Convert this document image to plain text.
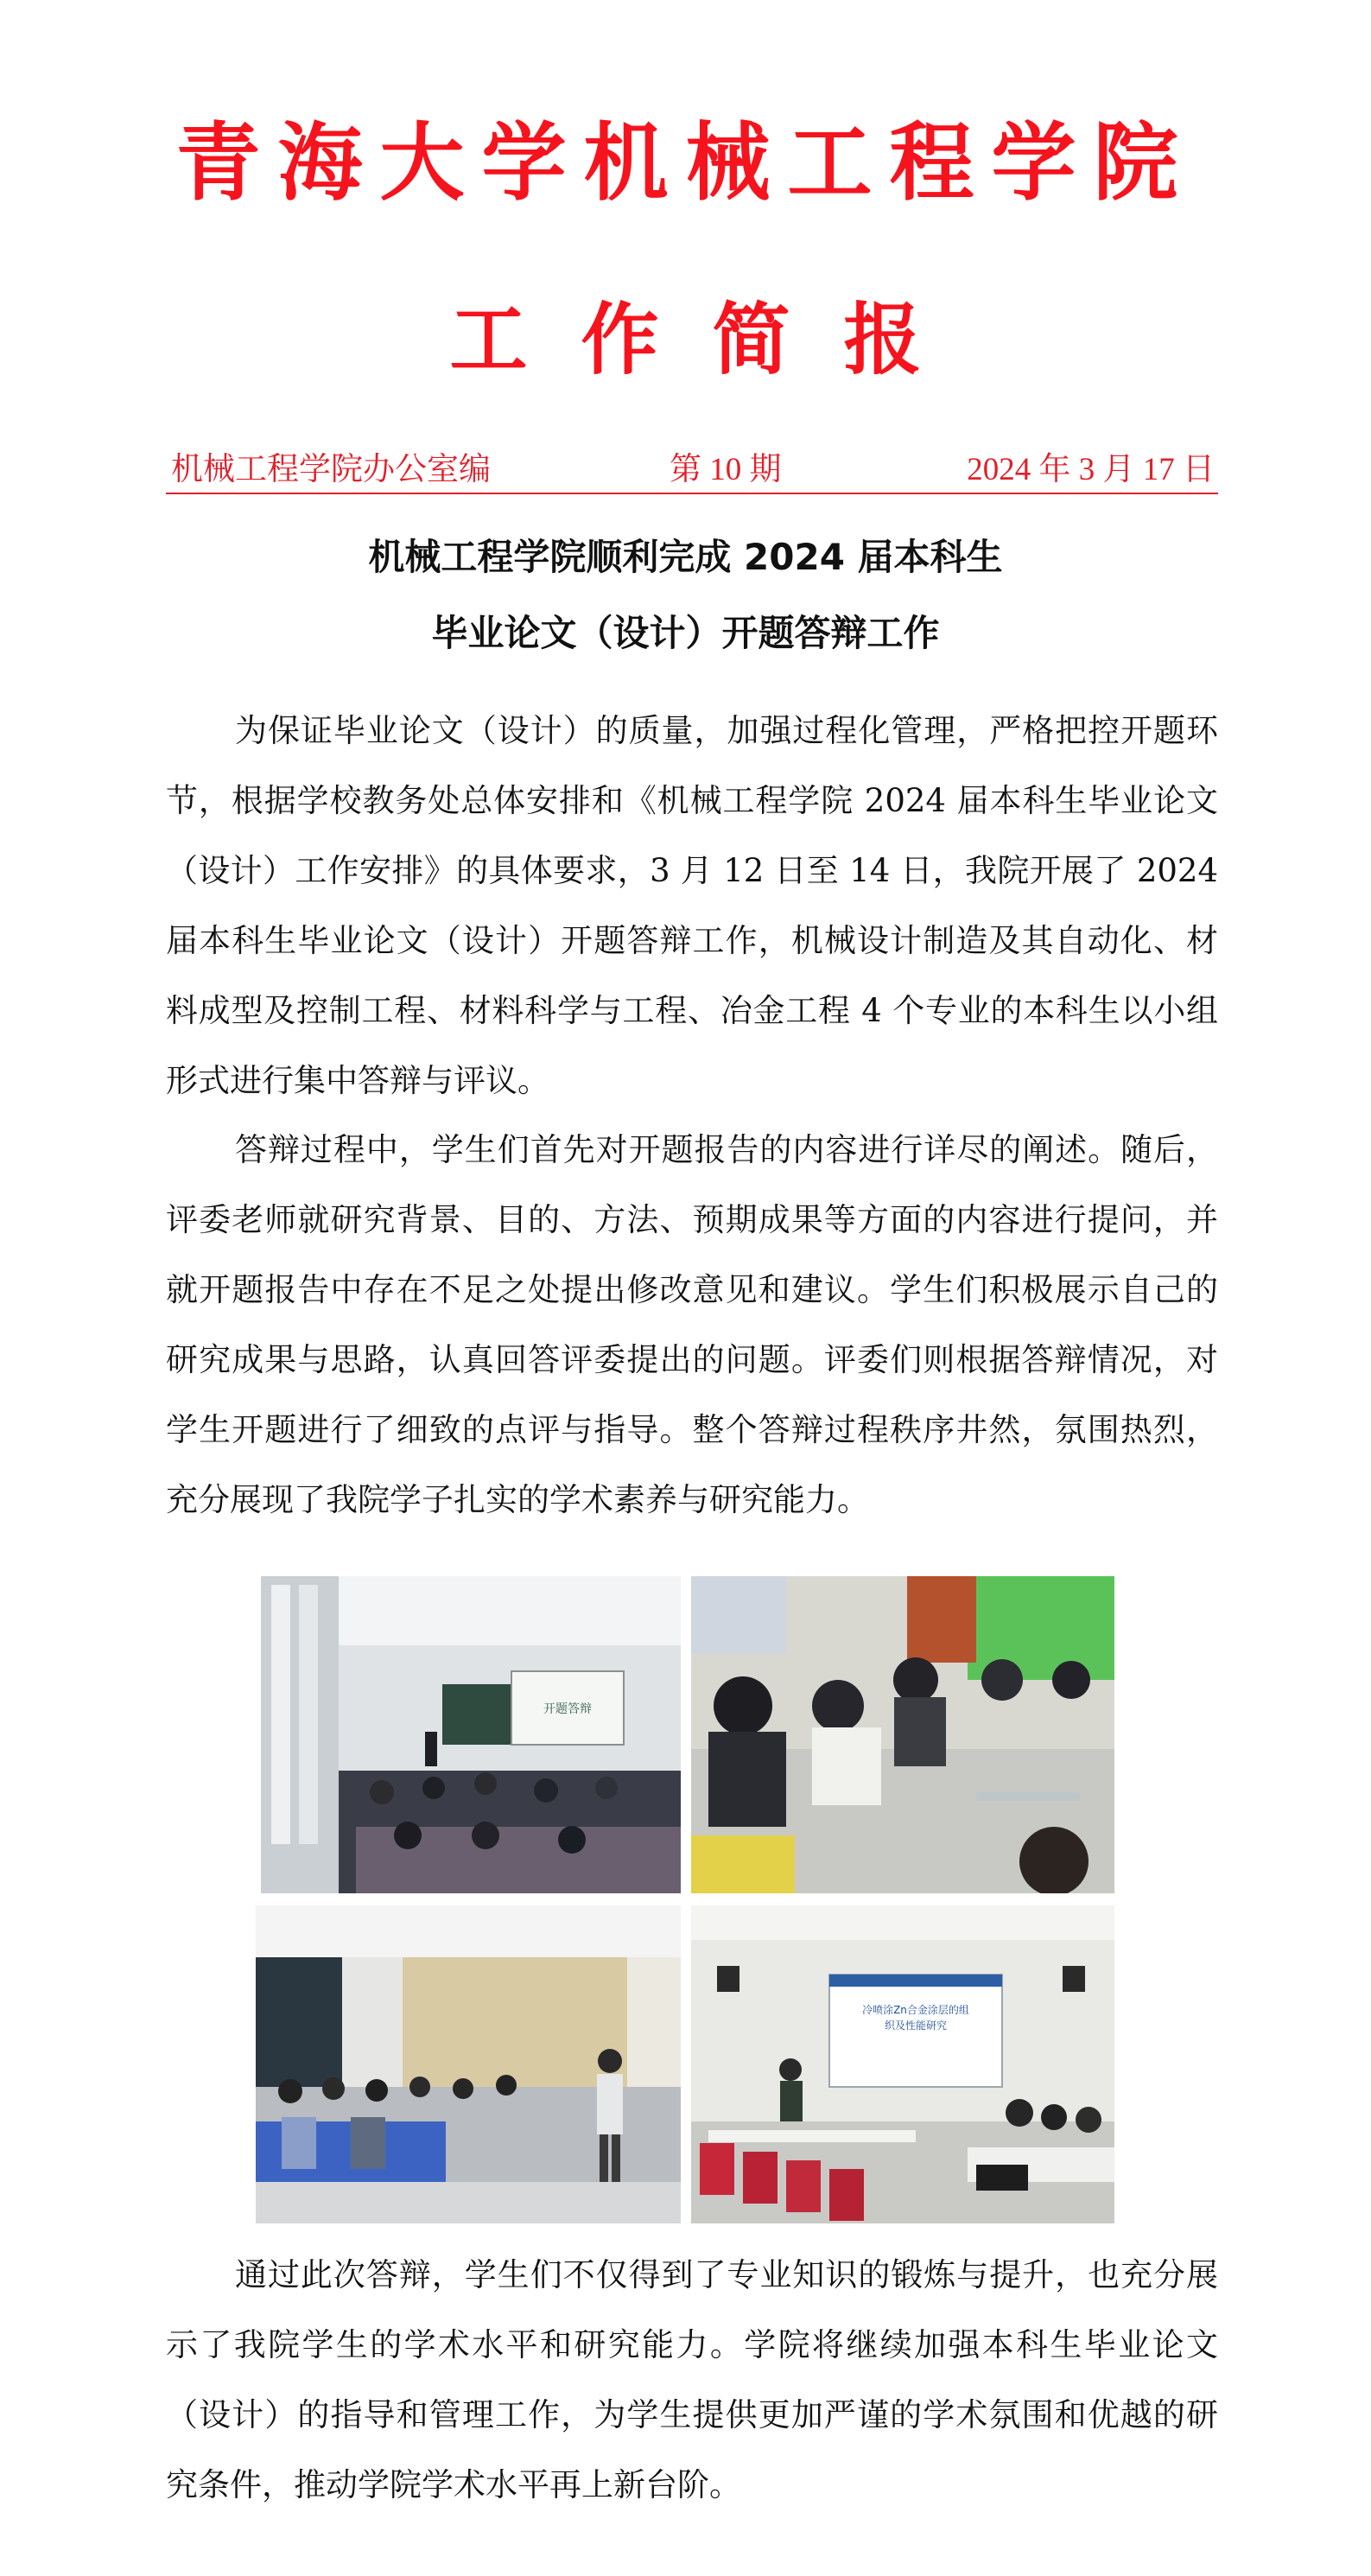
青海大学机械工程学院
工作简报
机械工程学院办公室编	第 10 期	2024 年 3 月 17 日
机械工程学院顺利完成 2024 届本科生
毕业论文（设计）开题答辩工作

为保证毕业论文（设计）的质量，加强过程化管理，严格把控开题环节，根据学校教务处总体安排和《机械工程学院 2024 届本科生毕业论文（设计）工作安排》的具体要求，3 月 12 日至 14 日，我院开展了 2024 届本科生毕业论文（设计）开题答辩工作，机械设计制造及其自动化、材料成型及控制工程、材料科学与工程、冶金工程 4 个专业的本科生以小组形式进行集中答辩与评议。

答辩过程中，学生们首先对开题报告的内容进行详尽的阐述。随后，评委老师就研究背景、目的、方法、预期成果等方面的内容进行提问，并就开题报告中存在不足之处提出修改意见和建议。学生们积极展示自己的研究成果与思路，认真回答评委提出的问题。评委们则根据答辩情况，对学生开题进行了细致的点评与指导。整个答辩过程秩序井然，氛围热烈，充分展现了我院学子扎实的学术素养与研究能力。

开题答辩
冷喷涂Zn合金涂层的组
织及性能研究

通过此次答辩，学生们不仅得到了专业知识的锻炼与提升，也充分展示了我院学生的学术水平和研究能力。学院将继续加强本科生毕业论文（设计）的指导和管理工作，为学生提供更加严谨的学术氛围和优越的研究条件，推动学院学术水平再上新台阶。
